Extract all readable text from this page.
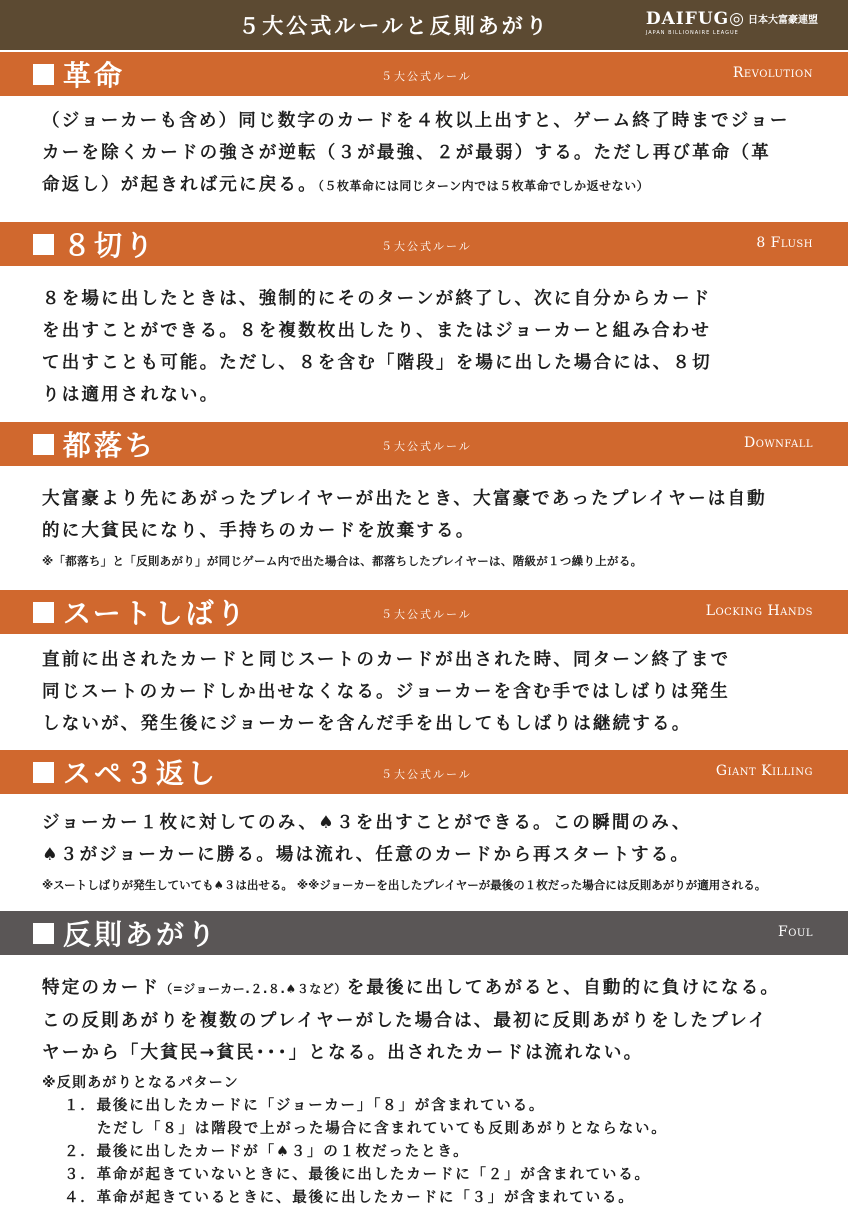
５大公式ルールと反則あがり	DAIFUG◎ 日本大富豪連盟
JAPAN BILLIONAIRE LEAGUE
革命	５大公式ルール	Revolution

（ジョーカーも含め）同じ数字のカードを４枚以上出すと、ゲーム終了時までジョー

カーを除くカードの強さが逆転（３が最強、２が最弱）する。ただし再び革命（革

命返し）が起きれば元に戻る。（５枚革命には同じターン内では５枚革命でしか返せない）

８切り	５大公式ルール	8 Flush

８を場に出したときは、強制的にそのターンが終了し、次に自分からカード

を出すことができる。８を複数枚出したり、またはジョーカーと組み合わせ

て出すことも可能。ただし、８を含む「階段」を場に出した場合には、８切

りは適用されない。

都落ち	５大公式ルール	Downfall

大富豪より先にあがったプレイヤーが出たとき、大富豪であったプレイヤーは自動

的に大貧民になり、手持ちのカードを放棄する。

※「都落ち」と「反則あがり」が同じゲーム内で出た場合は、都落ちしたプレイヤーは、階級が１つ繰り上がる。

スートしばり	５大公式ルール	Locking Hands

直前に出されたカードと同じスートのカードが出された時、同ターン終了まで

同じスートのカードしか出せなくなる。ジョーカーを含む手ではしばりは発生

しないが、発生後にジョーカーを含んだ手を出してもしばりは継続する。

スペ３返し	５大公式ルール	Giant Killing

ジョーカー１枚に対してのみ、♠３を出すことができる。この瞬間のみ、

♠３がジョーカーに勝る。場は流れ、任意のカードから再スタートする。

※スートしばりが発生していても♠３は出せる。 ※※ジョーカーを出したプレイヤーが最後の１枚だった場合には反則あがりが適用される。

反則あがり	Foul

特定のカード（=ジョーカー.２.８.♠３など）を最後に出してあがると、自動的に負けになる。

この反則あがりを複数のプレイヤーがした場合は、最初に反則あがりをしたプレイ

ヤーから「大貧民→貧民･･･」となる。出されたカードは流れない。

※反則あがりとなるパターン

１．最後に出したカードに「ジョーカー」「８」が含まれている。
ただし「８」は階段で上がった場合に含まれていても反則あがりとならない。
２．最後に出したカードが「♠３」の１枚だったとき。
３．革命が起きていないときに、最後に出したカードに「２」が含まれている。
４．革命が起きているときに、最後に出したカードに「３」が含まれている。
